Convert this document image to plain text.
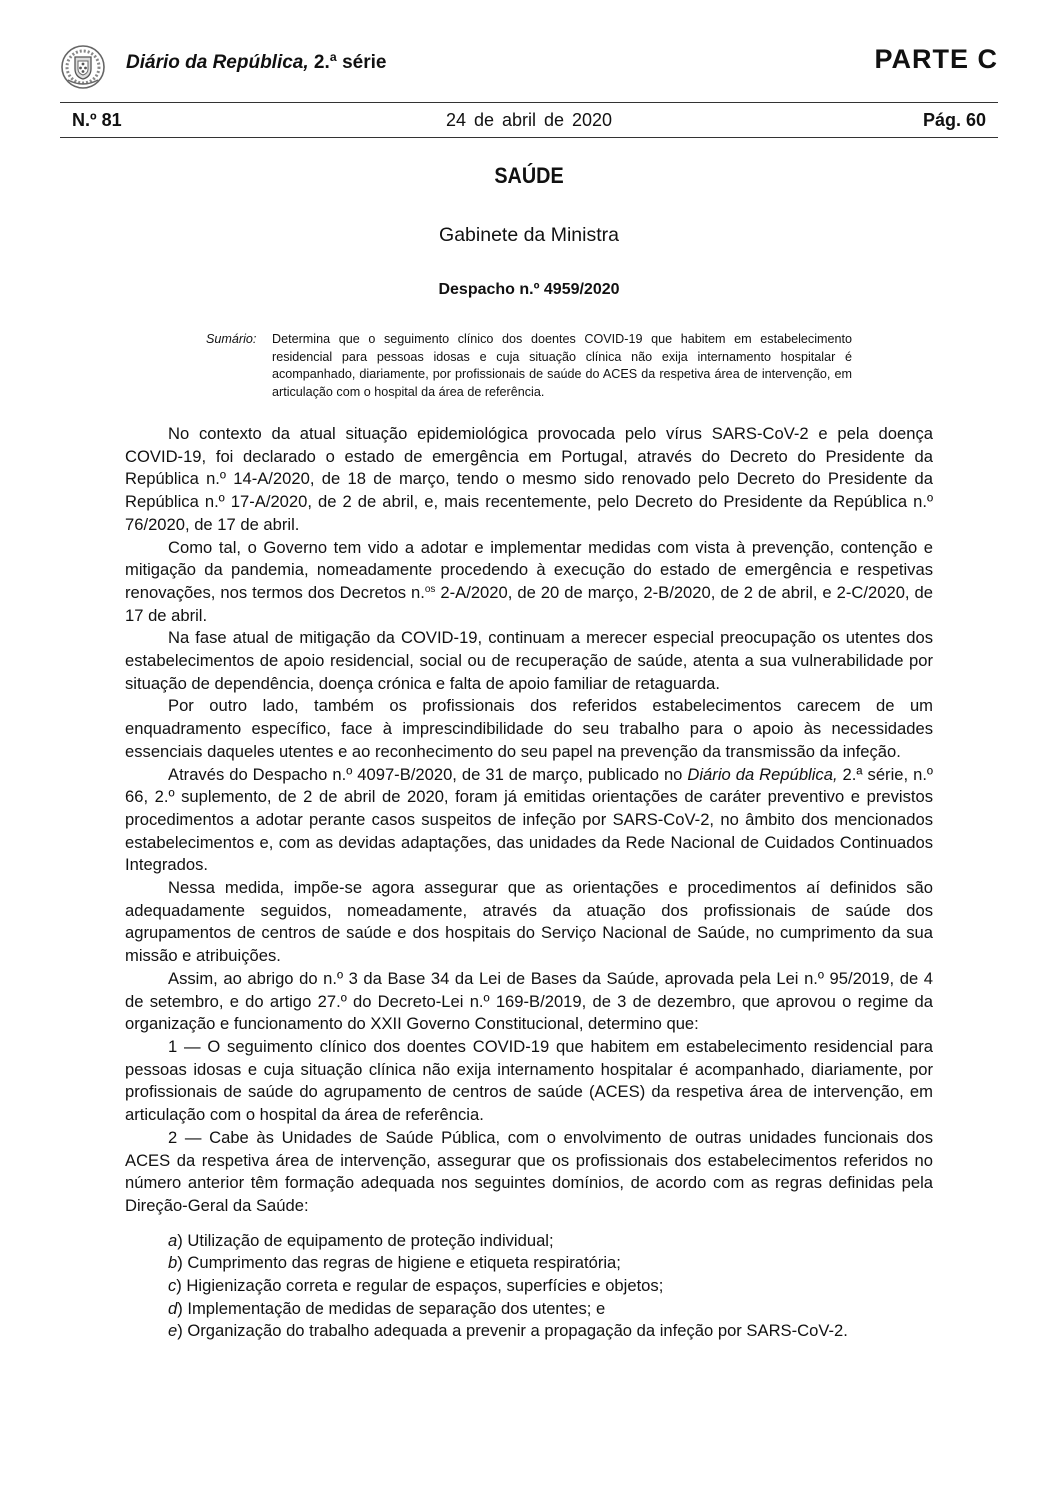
Diário da República, 2.ª série	PARTE C
N.º 81	24 de abril de 2020	Pág. 60
SAÚDE
Gabinete da Ministra
Despacho n.º 4959/2020
Sumário: Determina que o seguimento clínico dos doentes COVID-19 que habitem em estabelecimento residencial para pessoas idosas e cuja situação clínica não exija internamento hospitalar é acompanhado, diariamente, por profissionais de saúde do ACES da respetiva área de intervenção, em articulação com o hospital da área de referência.

No contexto da atual situação epidemiológica provocada pelo vírus SARS-CoV-2 e pela doença COVID-19, foi declarado o estado de emergência em Portugal, através do Decreto do Presidente da República n.º 14-A/2020, de 18 de março, tendo o mesmo sido renovado pelo Decreto do Presidente da República n.º 17-A/2020, de 2 de abril, e, mais recentemente, pelo Decreto do Presidente da República n.º 76/2020, de 17 de abril.

Como tal, o Governo tem vido a adotar e implementar medidas com vista à prevenção, contenção e mitigação da pandemia, nomeadamente procedendo à execução do estado de emergência e respetivas renovações, nos termos dos Decretos n.$^{os}$ 2-A/2020, de 20 de março, 2-B/2020, de 2 de abril, e 2-C/2020, de 17 de abril.

Na fase atual de mitigação da COVID-19, continuam a merecer especial preocupação os utentes dos estabelecimentos de apoio residencial, social ou de recuperação de saúde, atenta a sua vulnerabilidade por situação de dependência, doença crónica e falta de apoio familiar de retaguarda.

Por outro lado, também os profissionais dos referidos estabelecimentos carecem de um enquadramento específico, face à imprescindibilidade do seu trabalho para o apoio às necessidades essenciais daqueles utentes e ao reconhecimento do seu papel na prevenção da transmissão da infeção.

Através do Despacho n.º 4097-B/2020, de 31 de março, publicado no Diário da República, 2.ª série, n.º 66, 2.º suplemento, de 2 de abril de 2020, foram já emitidas orientações de caráter preventivo e previstos procedimentos a adotar perante casos suspeitos de infeção por SARS-CoV-2, no âmbito dos mencionados estabelecimentos e, com as devidas adaptações, das unidades da Rede Nacional de Cuidados Continuados Integrados.

Nessa medida, impõe-se agora assegurar que as orientações e procedimentos aí definidos são adequadamente seguidos, nomeadamente, através da atuação dos profissionais de saúde dos agrupamentos de centros de saúde e dos hospitais do Serviço Nacional de Saúde, no cumprimento da sua missão e atribuições.

Assim, ao abrigo do n.º 3 da Base 34 da Lei de Bases da Saúde, aprovada pela Lei n.º 95/2019, de 4 de setembro, e do artigo 27.º do Decreto-Lei n.º 169-B/2019, de 3 de dezembro, que aprovou o regime da organização e funcionamento do XXII Governo Constitucional, determino que:

1 — O seguimento clínico dos doentes COVID-19 que habitem em estabelecimento residencial para pessoas idosas e cuja situação clínica não exija internamento hospitalar é acompanhado, diariamente, por profissionais de saúde do agrupamento de centros de saúde (ACES) da respetiva área de intervenção, em articulação com o hospital da área de referência.

2 — Cabe às Unidades de Saúde Pública, com o envolvimento de outras unidades funcionais dos ACES da respetiva área de intervenção, assegurar que os profissionais dos estabelecimentos referidos no número anterior têm formação adequada nos seguintes domínios, de acordo com as regras definidas pela Direção-Geral da Saúde:

a) Utilização de equipamento de proteção individual;
b) Cumprimento das regras de higiene e etiqueta respiratória;
c) Higienização correta e regular de espaços, superfícies e objetos;
d) Implementação de medidas de separação dos utentes; e
e) Organização do trabalho adequada a prevenir a propagação da infeção por SARS-CoV-2.
